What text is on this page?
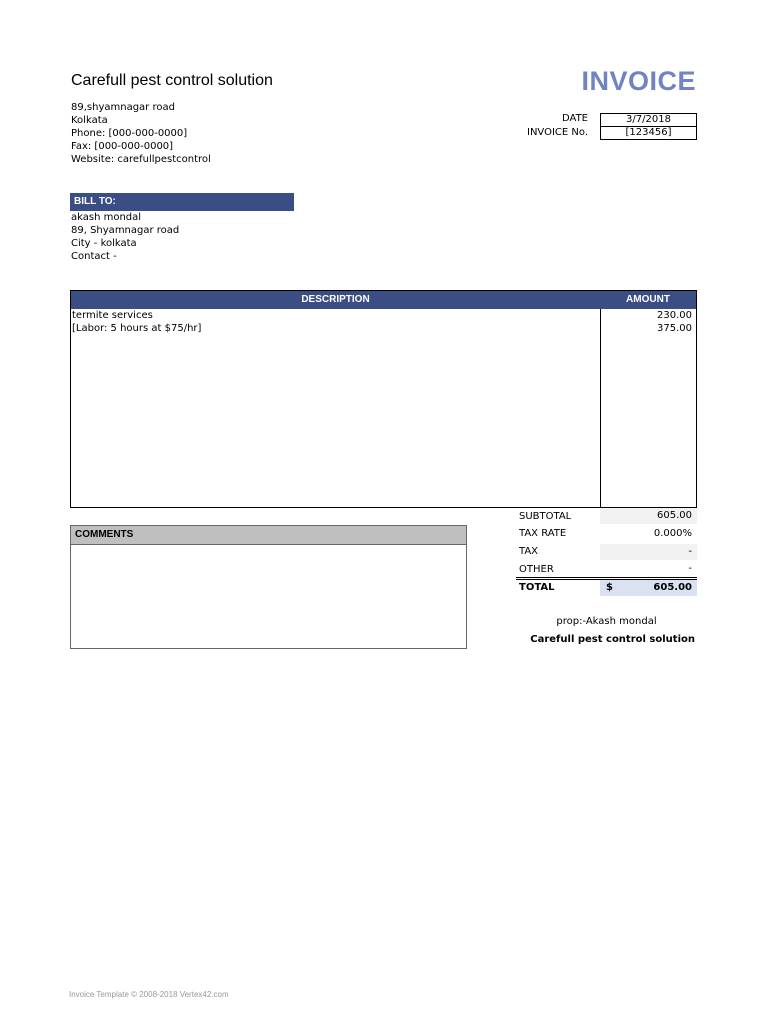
Carefull pest control solution	INVOICE
89,shyamnagar road
Kolkata
Phone: [000-000-0000]
Fax: [000-000-0000]
Website: carefullpestcontrol
DATE	3/7/2018
INVOICE No.	[123456]
BILL TO:
akash mondal
89, Shyamnagar road
City - kolkata
Contact -
DESCRIPTION	AMOUNT
termite services	230.00
[Labor: 5 hours at $75/hr]	375.00
COMMENTS
SUBTOTAL	605.00
TAX RATE	0.000%
TAX	-
OTHER	-
TOTAL	$	605.00
prop:-Akash mondal
Carefull pest control solution
Invoice Template © 2008-2018 Vertex42.com
